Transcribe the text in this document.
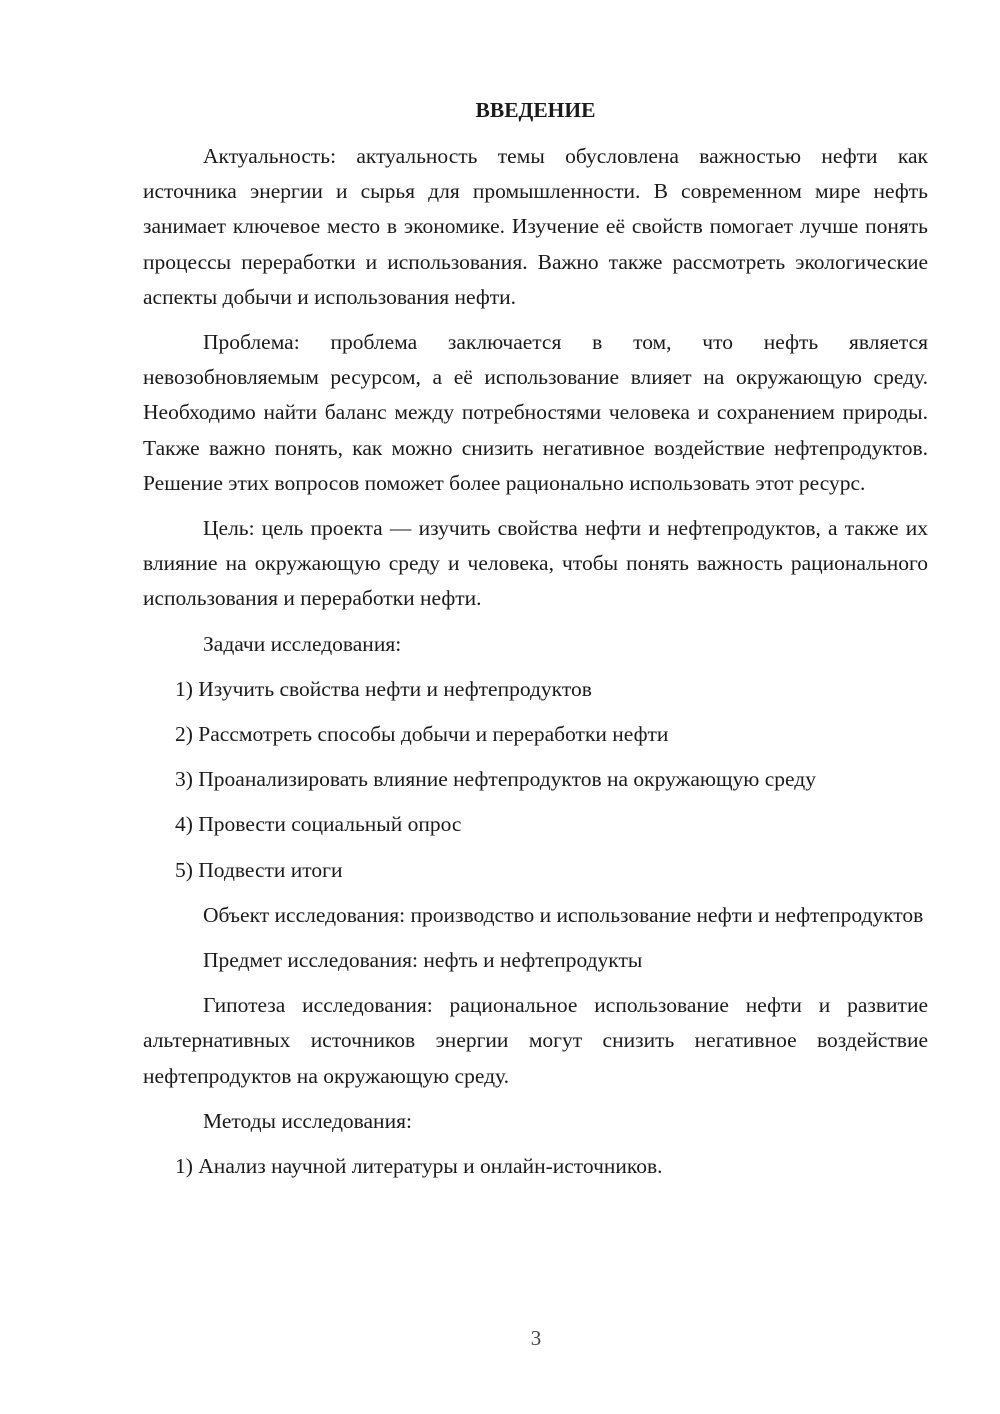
ВВЕДЕНИЕ

Актуальность: актуальность темы обусловлена важностью нефти как источника энергии и сырья для промышленности. В современном мире нефть занимает ключевое место в экономике. Изучение её свойств помогает лучше понять процессы переработки и использования. Важно также рассмотреть экологические аспекты добычи и использования нефти.

Проблема: проблема заключается в том, что нефть является невозобновляемым ресурсом, а её использование влияет на окружающую среду. Необходимо найти баланс между потребностями человека и сохранением природы. Также важно понять, как можно снизить негативное воздействие нефтепродуктов. Решение этих вопросов поможет более рационально использовать этот ресурс.

Цель: цель проекта — изучить свойства нефти и нефтепродуктов, а также их влияние на окружающую среду и человека, чтобы понять важность рационального использования и переработки нефти.

Задачи исследования:

1) Изучить свойства нефти и нефтепродуктов

2) Рассмотреть способы добычи и переработки нефти

3) Проанализировать влияние нефтепродуктов на окружающую среду

4) Провести социальный опрос

5) Подвести итоги

Объект исследования: производство и использование нефти и нефтепродуктов

Предмет исследования: нефть и нефтепродукты

Гипотеза исследования: рациональное использование нефти и развитие альтернативных источников энергии могут снизить негативное воздействие нефтепродуктов на окружающую среду.

Методы исследования:

1) Анализ научной литературы и онлайн-источников.

3
